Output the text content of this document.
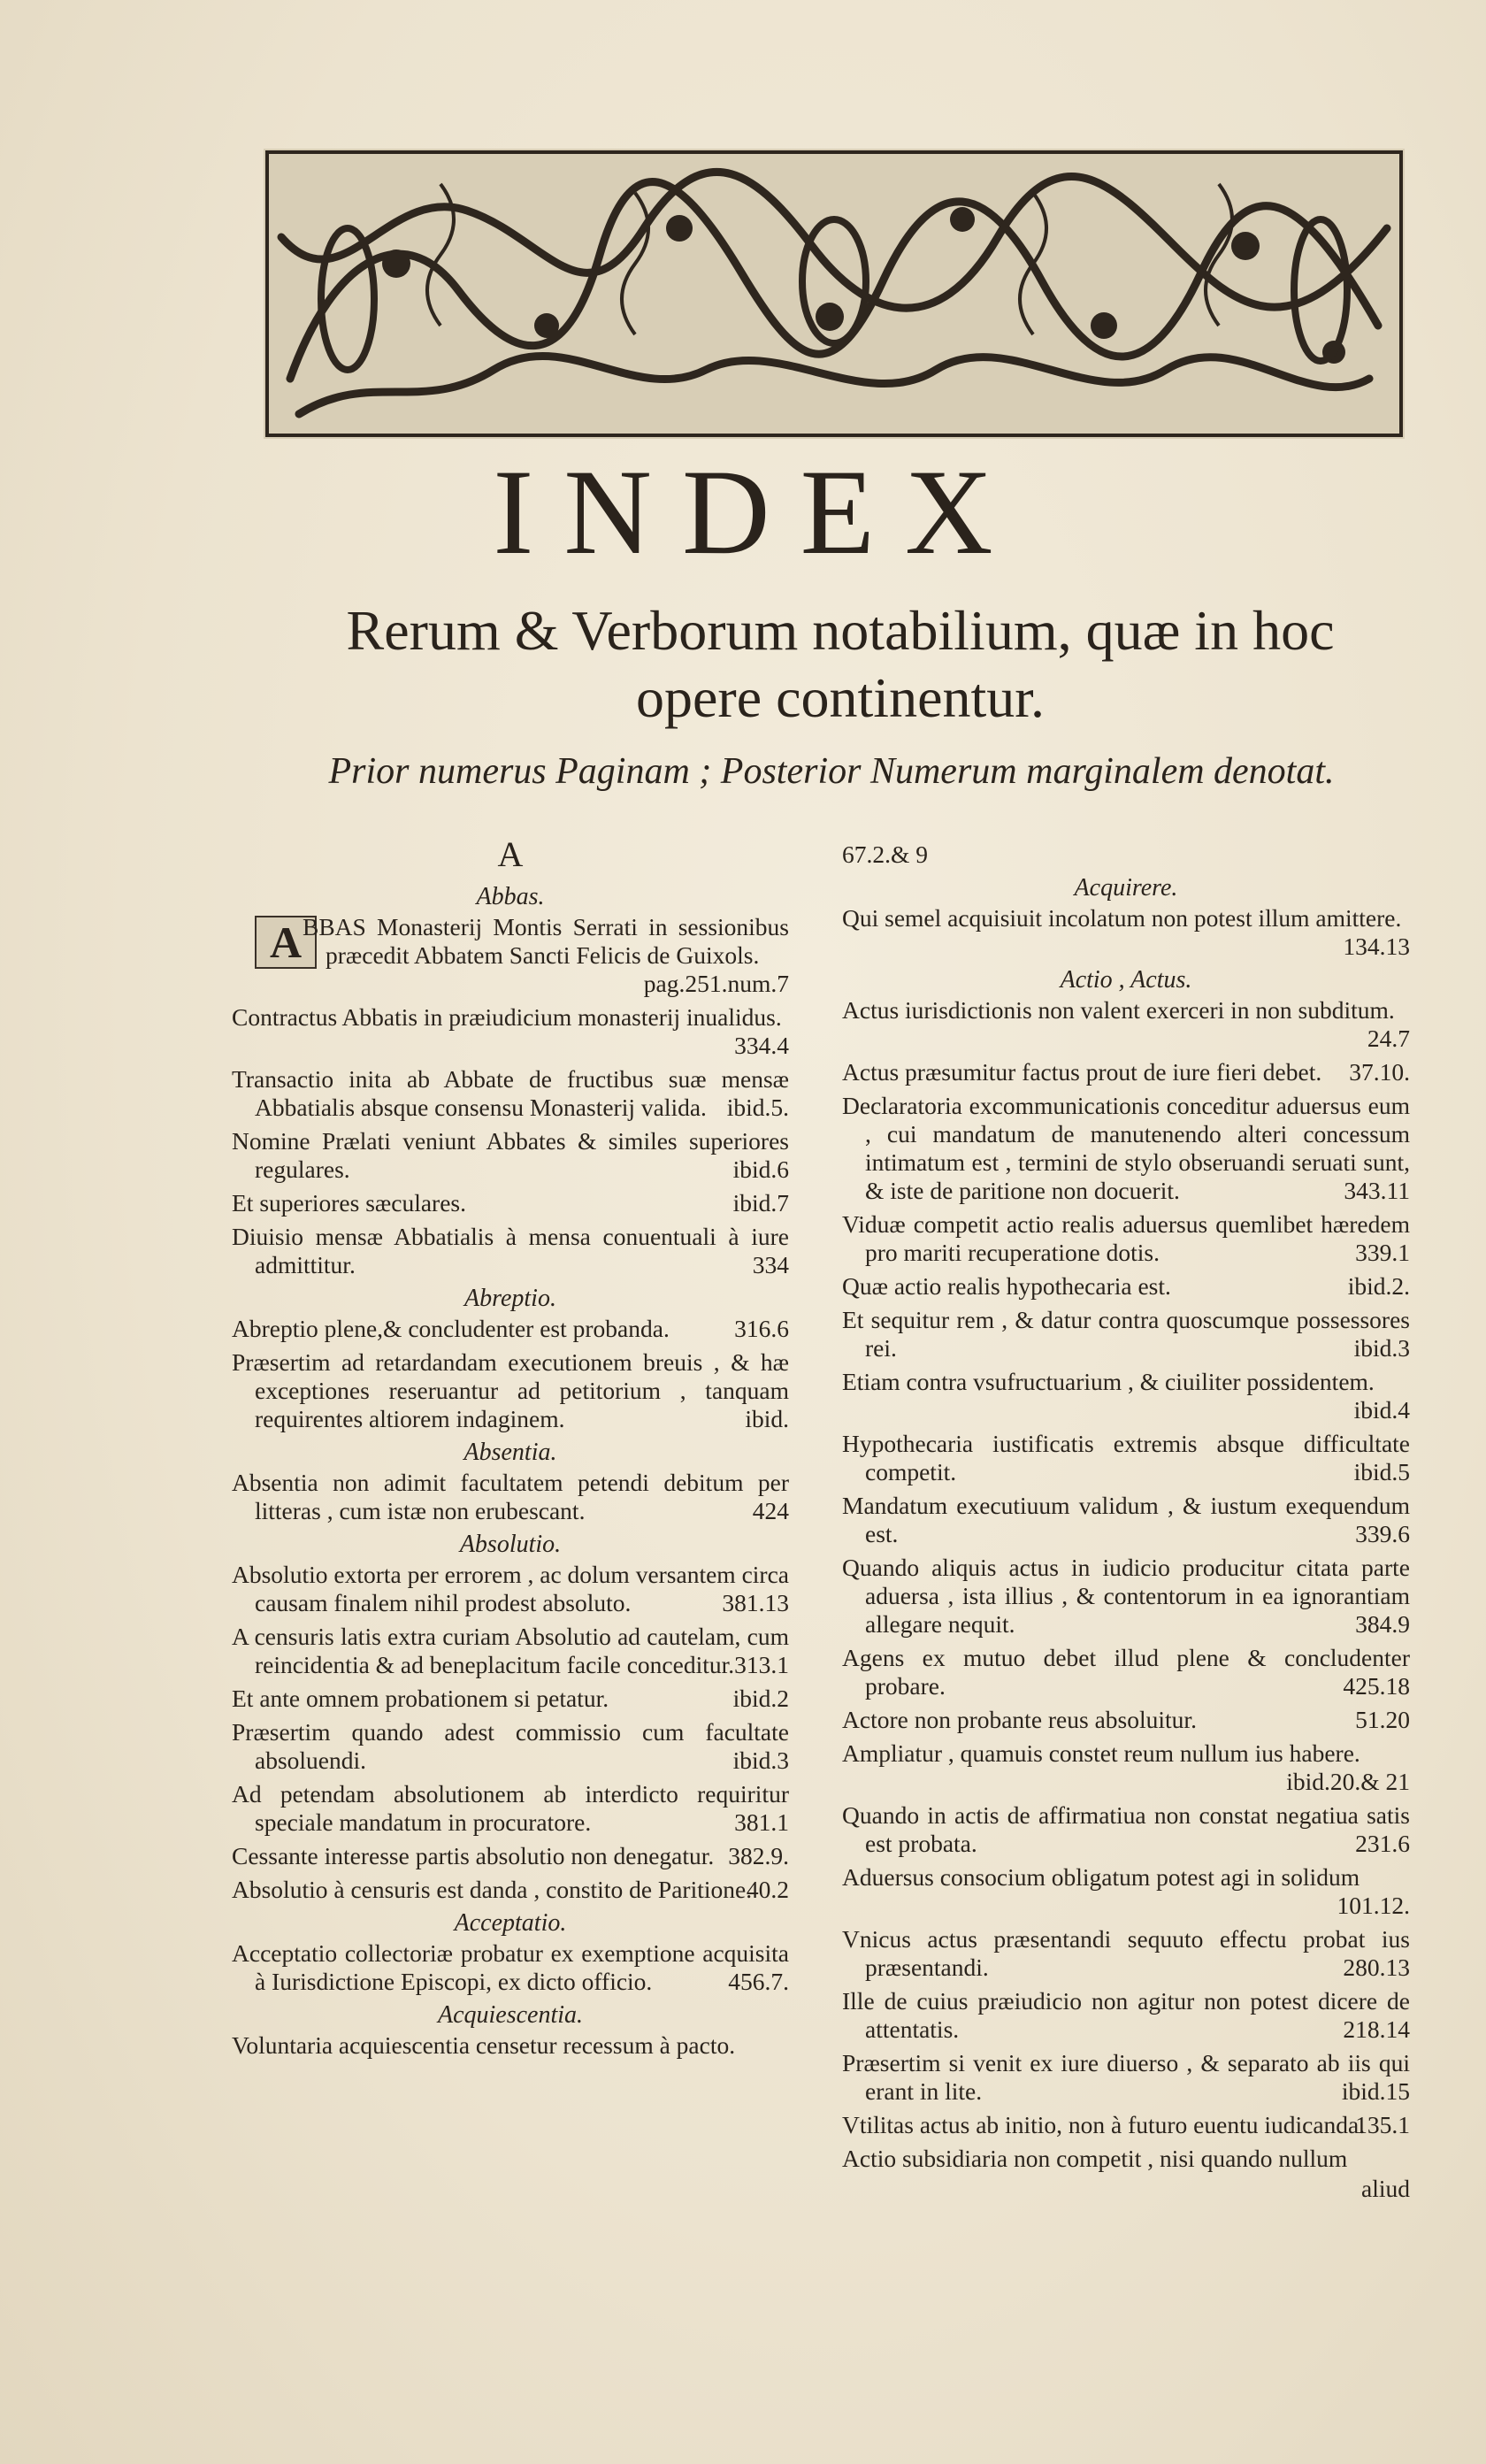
INDEX
Rerum & Verborum notabilium, quæ in hoc opere continentur.
Prior numerus Paginam ; Posterior Numerum marginalem denotat.
A
Abbas.
A BBAS Monasterij Montis Serrati in sessionibus præcedit Abbatem Sancti Felicis de Guixols.
pag.251.num.7
Contractus Abbatis in præiudicium monasterij inualidus.
334.4
Transactio inita ab Abbate de fructibus suæ mensæ Abbatialis absque consensu Monasterij valida. ibid.5.
Nomine Prælati veniunt Abbates & similes superiores regulares.	ibid.6
Et superiores sæculares.	ibid.7
Diuisio mensæ Abbatialis à mensa conuentuali à iure admittitur.	334
Abreptio.
Abreptio plene,& concludenter est probanda.	316.6
Præsertim ad retardandam executionem breuis , & hæ exceptiones reseruantur ad petitorium , tanquam requirentes altiorem indaginem.	ibid.
Absentia.
Absentia non adimit facultatem petendi debitum per litteras , cum istæ non erubescant.	424
Absolutio.
Absolutio extorta per errorem , ac dolum versantem circa causam finalem nihil prodest absoluto.	381.13
A censuris latis extra curiam Absolutio ad cautelam, cum reincidentia & ad beneplacitum facile conceditur. 313.1
Et ante omnem probationem si petatur.	ibid.2
Præsertim quando adest commissio cum facultate absoluendi.	ibid.3
Ad petendam absolutionem ab interdicto requiritur speciale mandatum in procuratore.	381.1
Cessante interesse partis absolutio non denegatur. 382.9.
Absolutio à censuris est danda , constito de Paritione.
40.2
Acceptatio.
Acceptatio collectoriæ probatur ex exemptione acquisita à Iurisdictione Episcopi, ex dicto officio.	456.7.
Acquiescentia.
Voluntaria acquiescentia censetur recessum à pacto.
67.2.& 9
Acquirere.
Qui semel acquisiuit incolatum non potest illum amittere.
134.13
Actio , Actus.
Actus iurisdictionis non valent exerceri in non subditum.
24.7
Actus præsumitur factus prout de iure fieri debet. 37.10.
Declaratoria excommunicationis conceditur aduersus eum , cui mandatum de manutenendo alteri concessum intimatum est , termini de stylo obseruandi seruati sunt, & iste de paritione non docuerit.	343.11
Viduæ competit actio realis aduersus quemlibet hæredem pro mariti recuperatione dotis.	339.1
Quæ actio realis hypothecaria est.	ibid.2.
Et sequitur rem , & datur contra quoscumque possessores rei.	ibid.3
Etiam contra vsufructuarium , & ciuiliter possidentem.
ibid.4
Hypothecaria iustificatis extremis absque difficultate competit.	ibid.5
Mandatum executiuum validum , & iustum exequendum est.	339.6
Quando aliquis actus in iudicio producitur citata parte aduersa , ista illius , & contentorum in ea ignorantiam allegare nequit.	384.9
Agens ex mutuo debet illud plene & concludenter probare.	425.18
Actore non probante reus absoluitur.	51.20
Ampliatur , quamuis constet reum nullum ius habere.
ibid.20.& 21
Quando in actis de affirmatiua non constat negatiua satis est probata.	231.6
Aduersus consocium obligatum potest agi in solidum
101.12.
Vnicus actus præsentandi sequuto effectu probat ius præsentandi.	280.13
Ille de cuius præiudicio non agitur non potest dicere de attentatis.	218.14
Præsertim si venit ex iure diuerso , & separato ab iis qui erant in lite.	ibid.15
Vtilitas actus ab initio, non à futuro euentu iudicanda.
135.1
Actio subsidiaria non competit , nisi quando nullum
aliud
